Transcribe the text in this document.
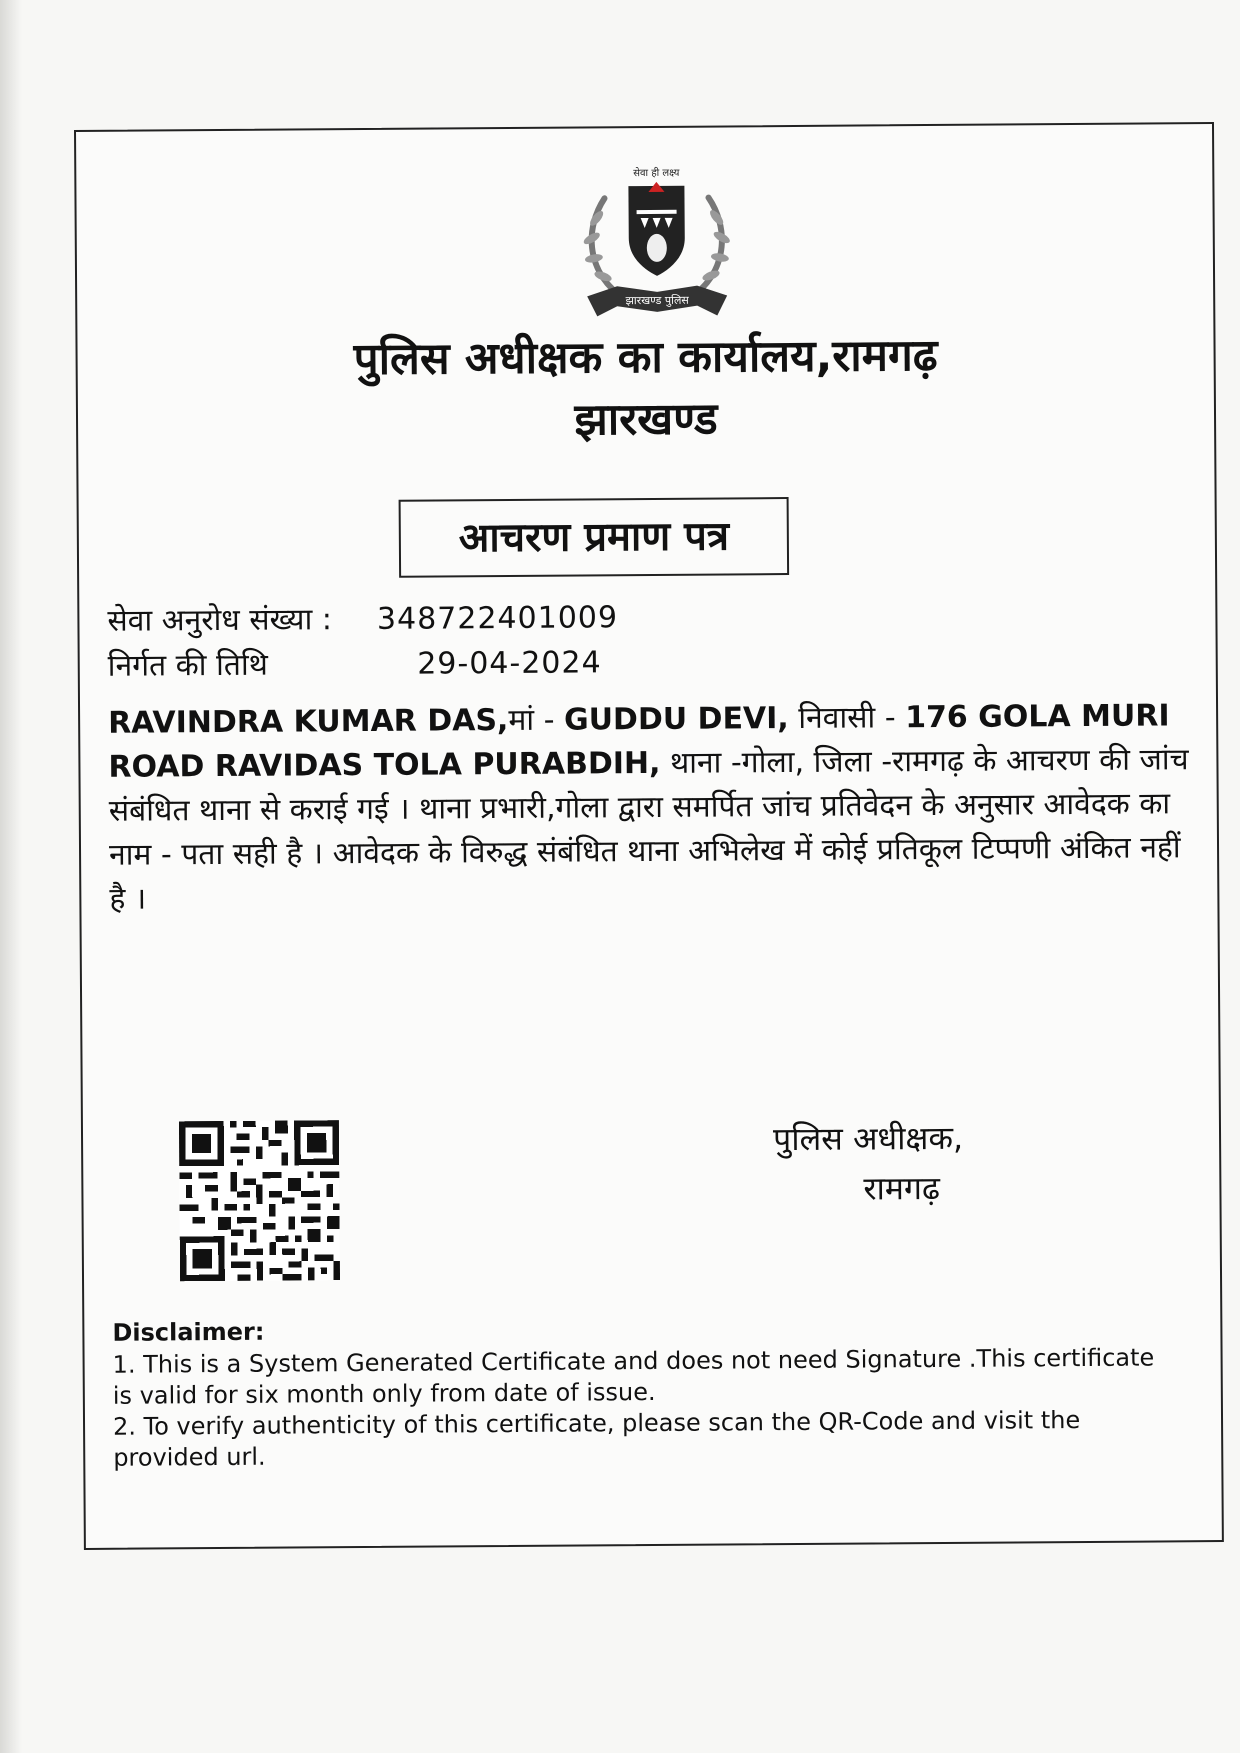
सेवा ही लक्ष्य
झारखण्ड पुलिस
पुलिस अधीक्षक का कार्यालय,रामगढ़
झारखण्ड
आचरण प्रमाण पत्र
सेवा अनुरोध संख्या : 348722401009
निर्गत की तिथि	29-04-2024
RAVINDRA KUMAR DAS,मां - GUDDU DEVI, निवासी - 176 GOLA MURI ROAD RAVIDAS TOLA PURABDIH, थाना -गोला, जिला -रामगढ़ के आचरण की जांच संबंधित थाना से कराई गई । थाना प्रभारी,गोला द्वारा समर्पित जांच प्रतिवेदन के अनुसार आवेदक का नाम - पता सही है । आवेदक के विरुद्ध संबंधित थाना अभिलेख में कोई प्रतिकूल टिप्पणी अंकित नहीं है ।
पुलिस अधीक्षक,
रामगढ़
Disclaimer:

1. This is a System Generated Certificate and does not need Signature .This certificate is valid for six month only from date of issue.

2. To verify authenticity of this certificate, please scan the QR-Code and visit the provided url.
